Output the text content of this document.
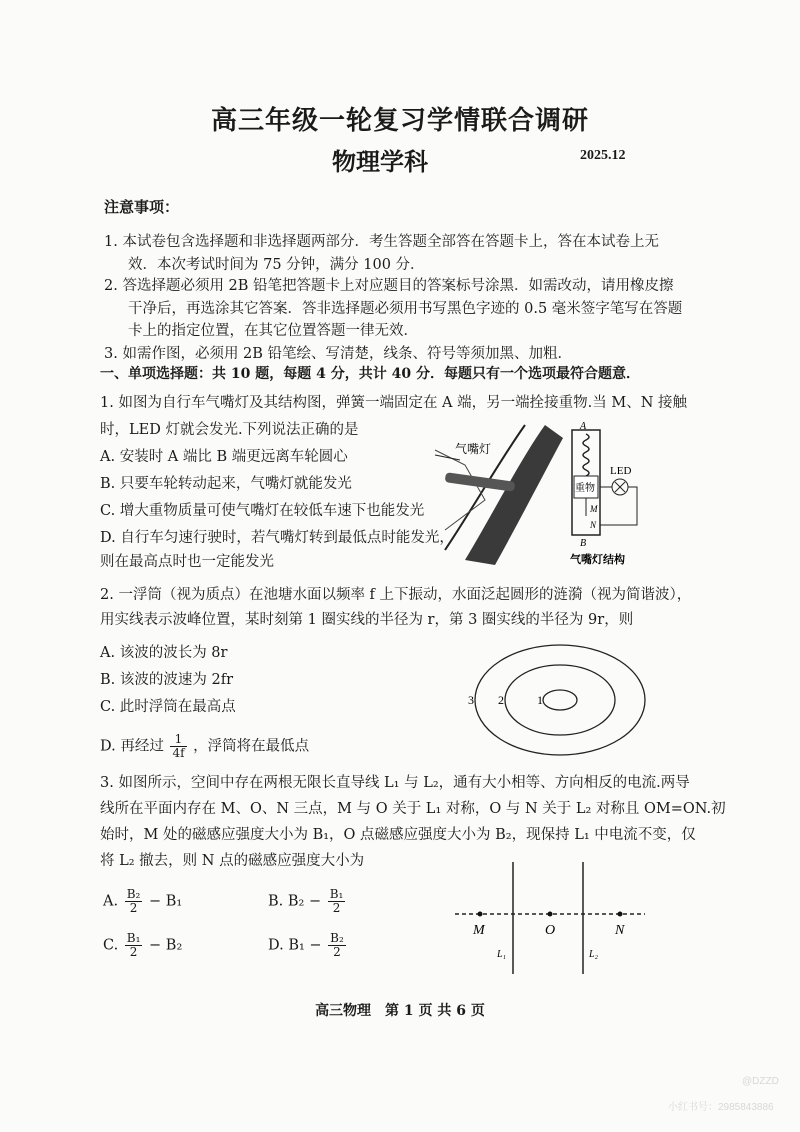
高三年级一轮复习学情联合调研
物理学科	2025.12
注意事项：
1. 本试卷包含选择题和非选择题两部分．考生答题全部答在答题卡上，答在本试卷上无
效．本次考试时间为 75 分钟，满分 100 分．
2. 答选择题必须用 2B 铅笔把答题卡上对应题目的答案标号涂黑．如需改动，请用橡皮擦
干净后，再选涂其它答案．答非选择题必须用书写黑色字迹的 0.5 毫米签字笔写在答题
卡上的指定位置，在其它位置答题一律无效．
3. 如需作图，必须用 2B 铅笔绘、写清楚，线条、符号等须加黑、加粗．
一、单项选择题：共 10 题，每题 4 分，共计 40 分．每题只有一个选项最符合题意．
1. 如图为自行车气嘴灯及其结构图，弹簧一端固定在 A 端，另一端拴接重物.当 M、N 接触
时，LED 灯就会发光.下列说法正确的是
A. 安装时 A 端比 B 端更远离车轮圆心
B. 只要车轮转动起来，气嘴灯就能发光
C. 增大重物质量可使气嘴灯在较低车速下也能发光
D. 自行车匀速行驶时，若气嘴灯转到最低点时能发光，
则在最高点时也一定能发光
气嘴灯
A
重物
M
N
B
LED
气嘴灯结构
2. 一浮筒（视为质点）在池塘水面以频率 f 上下振动，水面泛起圆形的涟漪（视为简谐波），
用实线表示波峰位置，某时刻第 1 圈实线的半径为 r，第 3 圈实线的半径为 9r，则
A. 该波的波长为 8r
B. 该波的波速为 2fr
C. 此时浮筒在最高点
D. 再经过 $\frac{1}{4f}$ ，浮筒将在最低点
3 2	1
3. 如图所示，空间中存在两根无限长直导线 L₁ 与 L₂，通有大小相等、方向相反的电流.两导
线所在平面内存在 M、O、N 三点，M 与 O 关于 L₁ 对称，O 与 N 关于 L₂ 对称且 OM=ON.初
始时，M 处的磁感应强度大小为 B₁，O 点磁感应强度大小为 B₂，现保持 L₁ 中电流不变，仅
将 L₂ 撤去，则 N 点的磁感应强度大小为
A. $\frac{\text{B₂}}{2} - B_1$	B. $B_2 - \frac{\text{B₁}}{2}$
C. $\frac{\text{B₁}}{2} - B_2$	D. $B_1 - \frac{\text{B₂}}{2}$
M	O	N
L₁	L₂
高三物理　第 1 页 共 6 页
@DZZD
小红书号：2985843886
